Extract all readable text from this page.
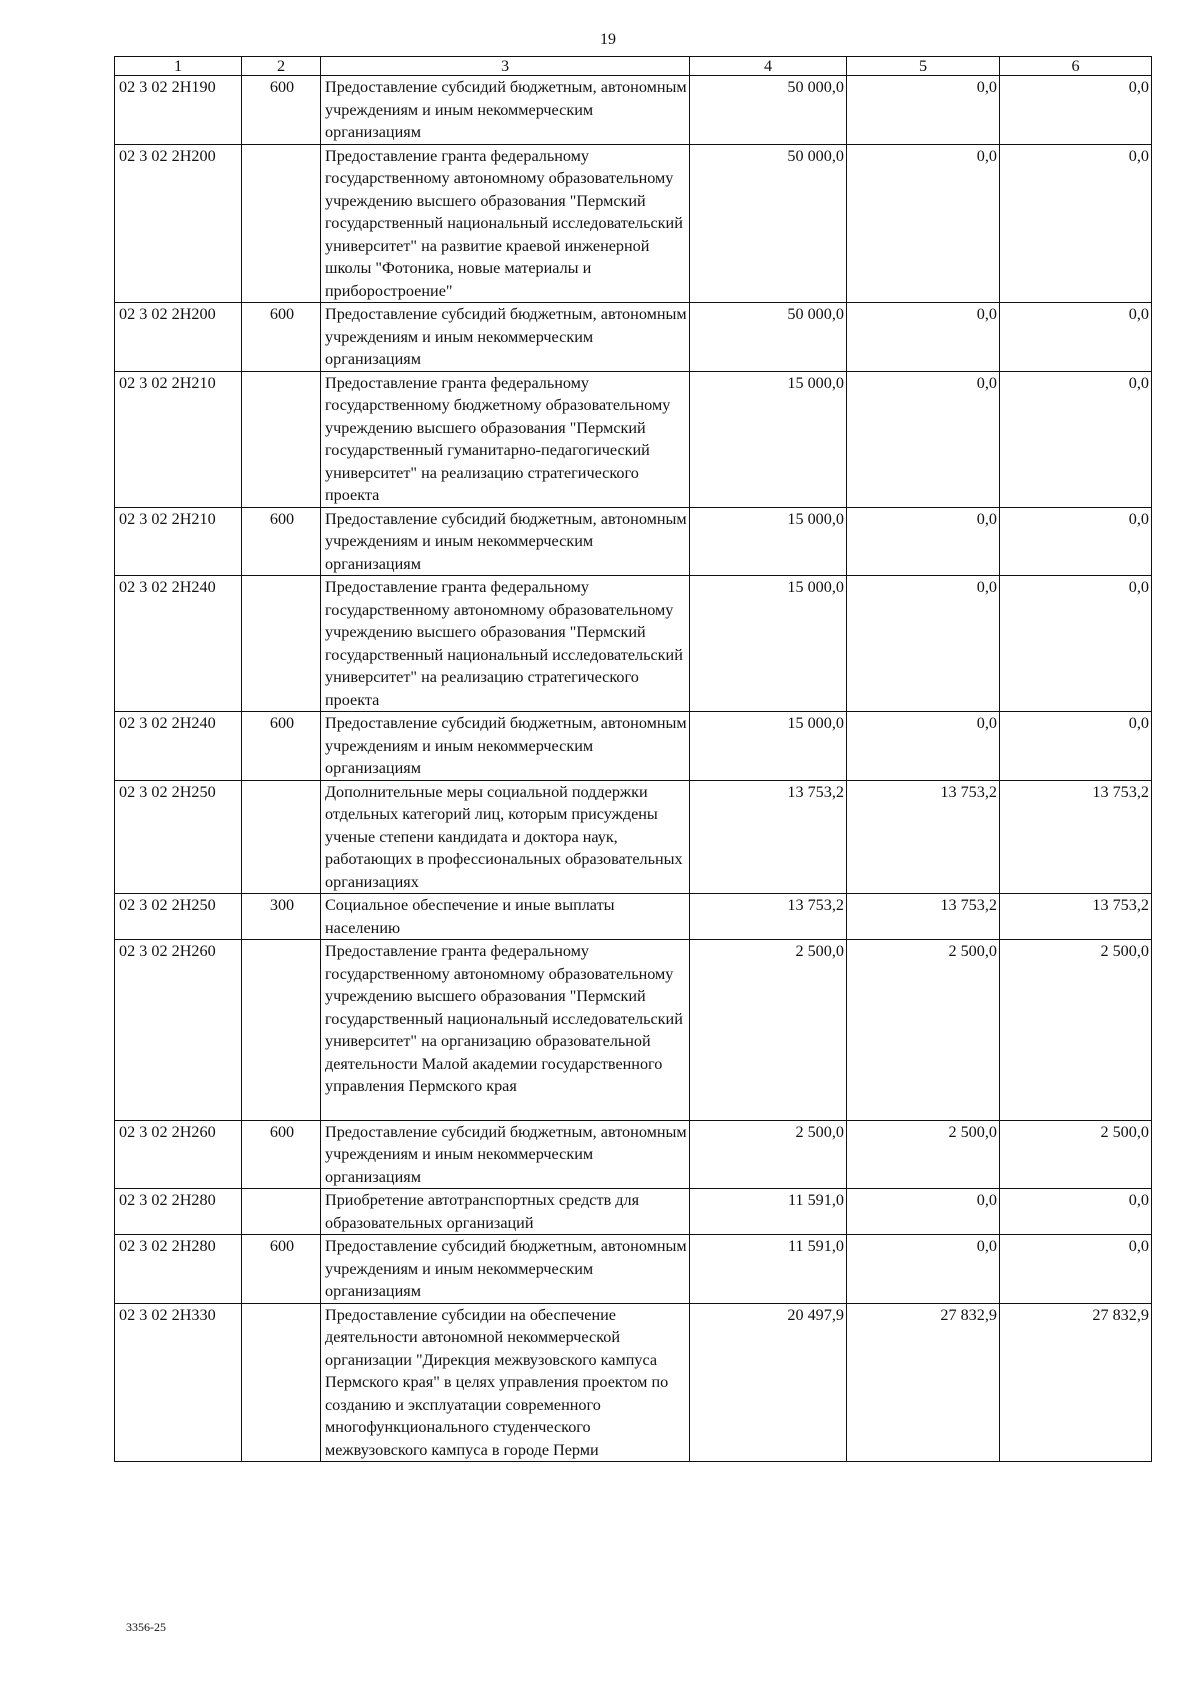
19
1	2	3	4	5	6
02 3 02 2Н190	600	Предоставление субсидий бюджетным, автономным учреждениям и иным некоммерческим организациям	50 000,0	0,0	0,0
02 3 02 2Н200		Предоставление гранта федеральному государственному автономному образовательному учреждению высшего образования "Пермский государственный национальный исследовательский университет" на развитие краевой инженерной школы "Фотоника, новые материалы и приборостроение"	50 000,0	0,0	0,0
02 3 02 2Н200	600	Предоставление субсидий бюджетным, автономным учреждениям и иным некоммерческим организациям	50 000,0	0,0	0,0
02 3 02 2Н210		Предоставление гранта федеральному государственному бюджетному образовательному учреждению высшего образования "Пермский государственный гуманитарно-педагогический университет" на реализацию стратегического проекта	15 000,0	0,0	0,0
02 3 02 2Н210	600	Предоставление субсидий бюджетным, автономным учреждениям и иным некоммерческим организациям	15 000,0	0,0	0,0
02 3 02 2Н240		Предоставление гранта федеральному государственному автономному образовательному учреждению высшего образования "Пермский государственный национальный исследовательский университет" на реализацию стратегического проекта	15 000,0	0,0	0,0
02 3 02 2Н240	600	Предоставление субсидий бюджетным, автономным учреждениям и иным некоммерческим организациям	15 000,0	0,0	0,0
02 3 02 2Н250		Дополнительные меры социальной поддержки отдельных категорий лиц, которым присуждены ученые степени кандидата и доктора наук, работающих в профессиональных образовательных организациях	13 753,2	13 753,2	13 753,2
02 3 02 2Н250	300	Социальное обеспечение и иные выплаты населению	13 753,2	13 753,2	13 753,2
02 3 02 2Н260		Предоставление гранта федеральному государственному автономному образовательному учреждению высшего образования "Пермский государственный национальный исследовательский университет" на организацию образовательной деятельности Малой академии государственного управления Пермского края	2 500,0	2 500,0	2 500,0
02 3 02 2Н260	600	Предоставление субсидий бюджетным, автономным учреждениям и иным некоммерческим организациям	2 500,0	2 500,0	2 500,0
02 3 02 2Н280		Приобретение автотранспортных средств для образовательных организаций	11 591,0	0,0	0,0
02 3 02 2Н280	600	Предоставление субсидий бюджетным, автономным учреждениям и иным некоммерческим организациям	11 591,0	0,0	0,0
02 3 02 2Н330		Предоставление субсидии на обеспечение деятельности автономной некоммерческой организации "Дирекция межвузовского кампуса Пермского края" в целях управления проектом по созданию и эксплуатации современного многофункционального студенческого межвузовского кампуса в городе Перми	20 497,9	27 832,9	27 832,9
3356-25
